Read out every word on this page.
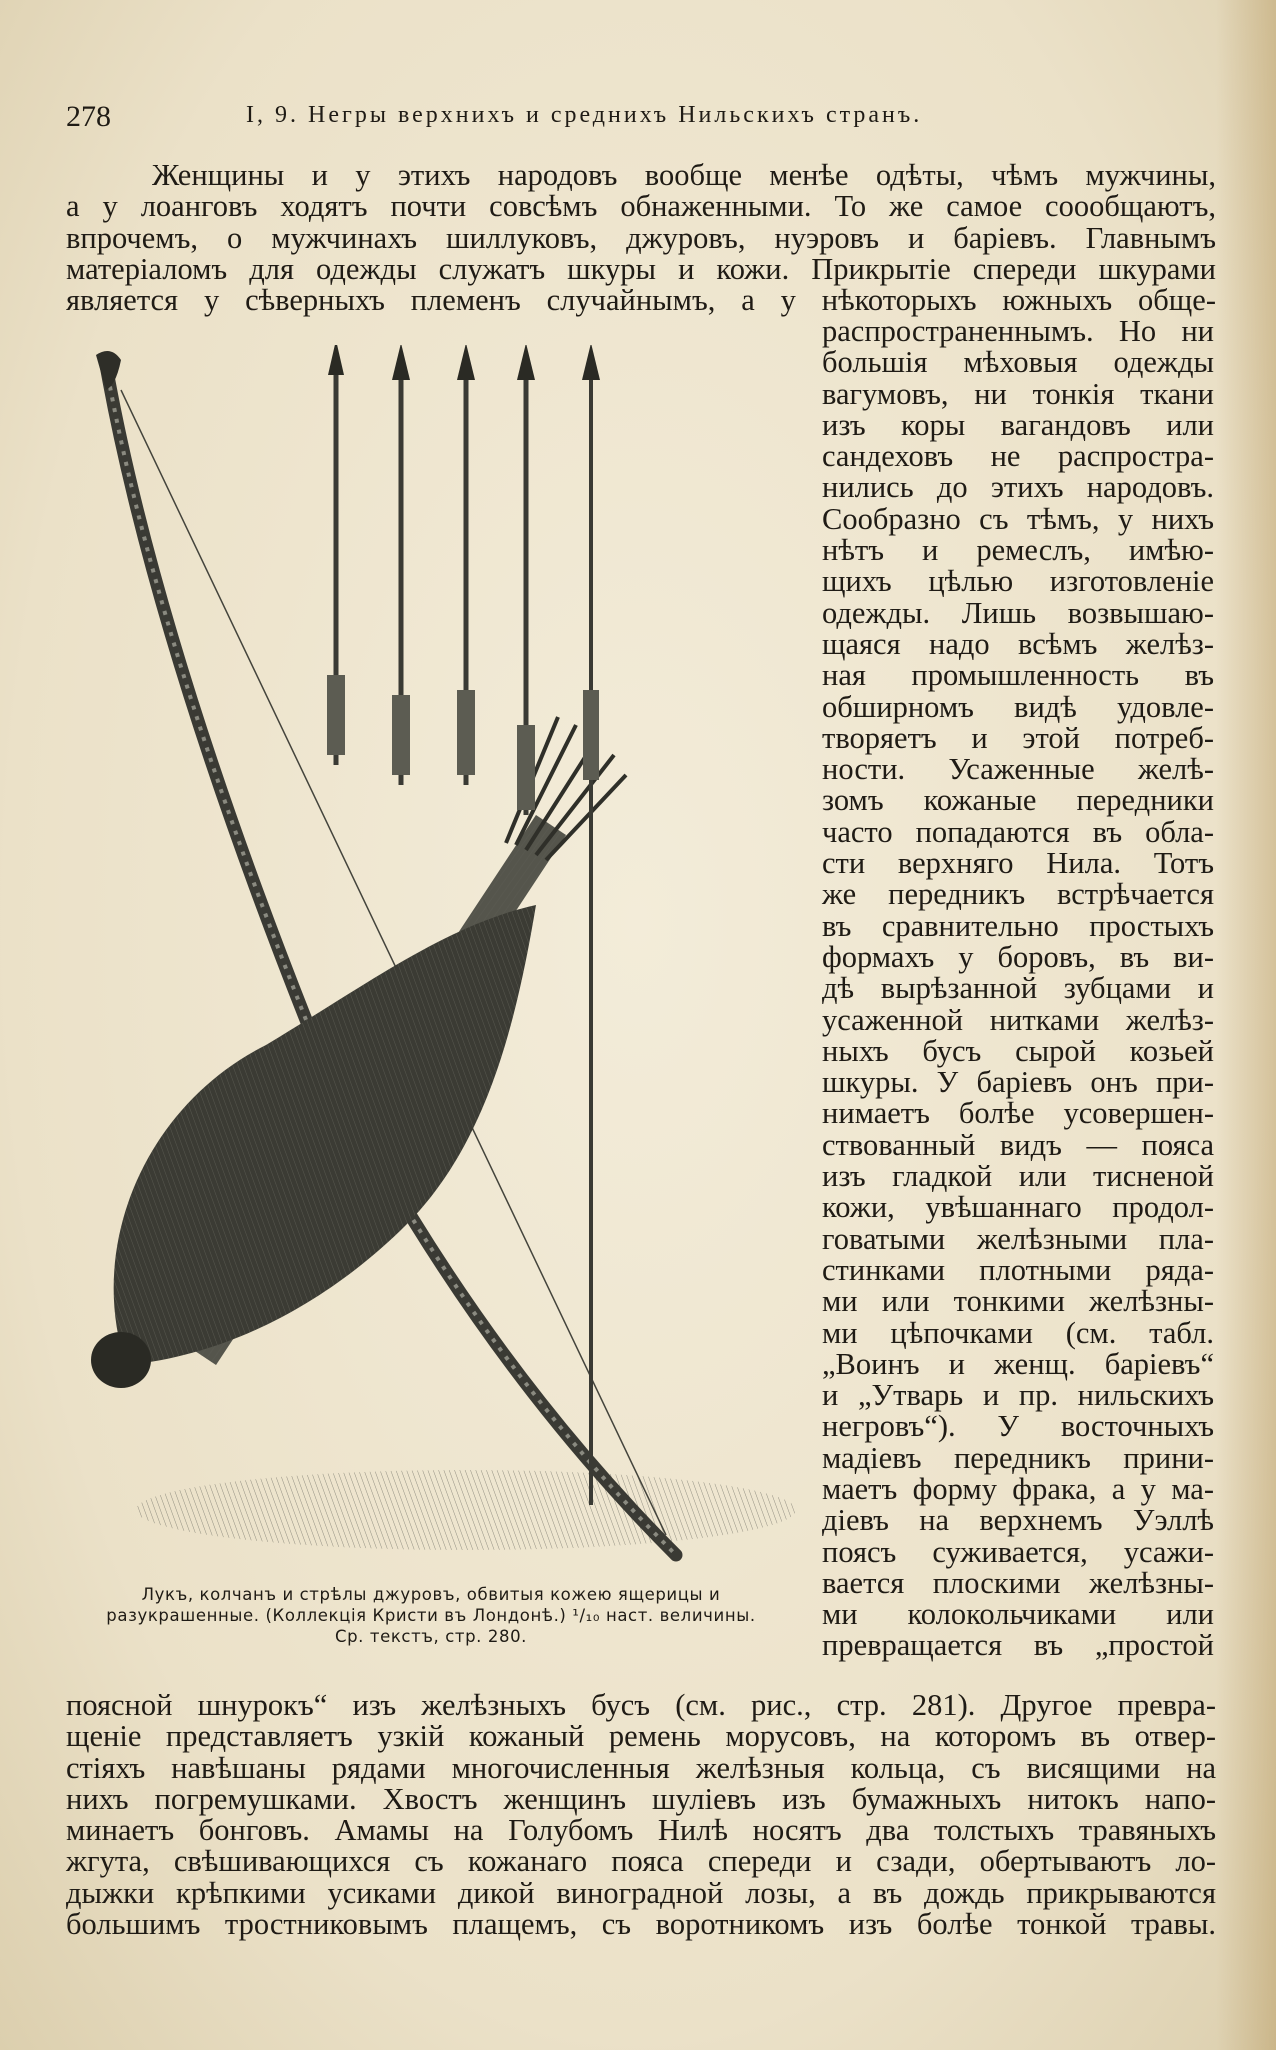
278	I, 9. Негры верхнихъ и среднихъ Нильскихъ странъ.
Женщины и у этихъ народовъ вообще менѣе одѣты, чѣмъ мужчины,
а у лоанговъ ходятъ почти совсѣмъ обнаженными. То же самое соообщаютъ,
впрочемъ, о мужчинахъ шиллуковъ, джуровъ, нуэровъ и баріевъ. Главнымъ
матеріаломъ для одежды служатъ шкуры и кожи. Прикрытіе спереди шкурами
является у сѣверныхъ племенъ случайнымъ, а у нѣкоторыхъ южныхъ обще-
Лукъ, колчанъ и стрѣлы джуровъ, обвитыя кожею ящерицы и
разукрашенные. (Коллекція Кристи въ Лондонѣ.) ¹/₁₀ наст. величины.
Ср. текстъ, стр. 280.
распространеннымъ. Но ни
большія мѣховыя одежды
вагумовъ, ни тонкія ткани
изъ коры вагандовъ или
сандеховъ не распростра-
нились до этихъ народовъ.
Сообразно съ тѣмъ, у нихъ
нѣтъ и ремеслъ, имѣю-
щихъ цѣлью изготовленіе
одежды. Лишь возвышаю-
щаяся надо всѣмъ желѣз-
ная промышленность въ
обширномъ видѣ удовле-
творяетъ и этой потреб-
ности. Усаженные желѣ-
зомъ кожаные передники
часто попадаются въ обла-
сти верхняго Нила. Тотъ
же передникъ встрѣчается
въ сравнительно простыхъ
формахъ у боровъ, въ ви-
дѣ вырѣзанной зубцами и
усаженной нитками желѣз-
ныхъ бусъ сырой козьей
шкуры. У баріевъ онъ при-
нимаетъ болѣе усовершен-
ствованный видъ — пояса
изъ гладкой или тисненой
кожи, увѣшаннаго продол-
говатыми желѣзными пла-
стинками плотными ряда-
ми или тонкими желѣзны-
ми цѣпочками (см. табл.
„Воинъ и женщ. баріевъ“
и „Утварь и пр. нильскихъ
негровъ“). У восточныхъ
мадіевъ передникъ прини-
маетъ форму фрака, а у ма-
діевъ на верхнемъ Уэллѣ
поясъ суживается, усажи-
вается плоскими желѣзны-
ми колокольчиками или
превращается въ „простой
поясной шнурокъ“ изъ желѣзныхъ бусъ (см. рис., стр. 281). Другое превра-
щеніе представляетъ узкій кожаный ремень моруcовъ, на которомъ въ отвер-
стіяхъ навѣшаны рядами многочисленныя желѣзныя кольца, съ висящими на
нихъ погремушками. Хвостъ женщинъ шуліевъ изъ бумажныхъ нитокъ напо-
минаетъ бонговъ. Амамы на Голубомъ Нилѣ носятъ два толстыхъ травяныхъ
жгута, свѣшивающихся съ кожанаго пояса спереди и сзади, обертываютъ ло-
дыжки крѣпкими усиками дикой виноградной лозы, а въ дождь прикрываются
большимъ тростниковымъ плащемъ, съ воротникомъ изъ болѣе тонкой травы.
